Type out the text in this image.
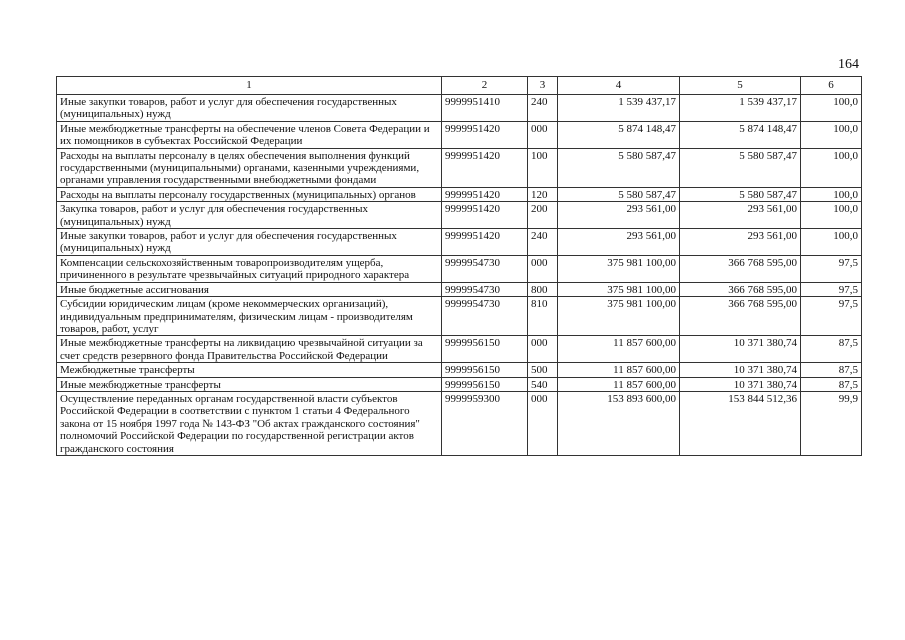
164
1	2	3	4	5	6
Иные закупки товаров, работ и услуг для обеспечения государственных (муниципальных) нужд	9999951410	240	1 539 437,17	1 539 437,17	100,0
Иные межбюджетные трансферты на обеспечение членов Совета Федерации и их помощников в субъектах Российской Федерации	9999951420	000	5 874 148,47	5 874 148,47	100,0
Расходы на выплаты персоналу в целях обеспечения выполнения функций государственными (муниципальными) органами, казенными учреждениями, органами управления государственными внебюджетными фондами	9999951420	100	5 580 587,47	5 580 587,47	100,0
Расходы на выплаты персоналу государственных (муниципальных) органов	9999951420	120	5 580 587,47	5 580 587,47	100,0
Закупка товаров, работ и услуг для обеспечения государственных (муниципальных) нужд	9999951420	200	293 561,00	293 561,00	100,0
Иные закупки товаров, работ и услуг для обеспечения государственных (муниципальных) нужд	9999951420	240	293 561,00	293 561,00	100,0
Компенсации сельскохозяйственным товаропроизводителям ущерба, причиненного в результате чрезвычайных ситуаций природного характера	9999954730	000	375 981 100,00	366 768 595,00	97,5
Иные бюджетные ассигнования	9999954730	800	375 981 100,00	366 768 595,00	97,5
Субсидии юридическим лицам (кроме некоммерческих организаций), индивидуальным предпринимателям, физическим лицам - производителям товаров, работ, услуг	9999954730	810	375 981 100,00	366 768 595,00	97,5
Иные межбюджетные трансферты на ликвидацию чрезвычайной ситуации за счет средств резервного фонда Правительства Российской Федерации	9999956150	000	11 857 600,00	10 371 380,74	87,5
Межбюджетные трансферты	9999956150	500	11 857 600,00	10 371 380,74	87,5
Иные межбюджетные трансферты	9999956150	540	11 857 600,00	10 371 380,74	87,5
Осуществление переданных органам государственной власти субъектов Российской Федерации в соответствии с пунктом 1 статьи 4 Федерального закона от 15 ноября 1997 года № 143-ФЗ "Об актах гражданского состояния" полномочий Российской Федерации по государственной регистрации актов гражданского состояния	9999959300	000	153 893 600,00	153 844 512,36	99,9
